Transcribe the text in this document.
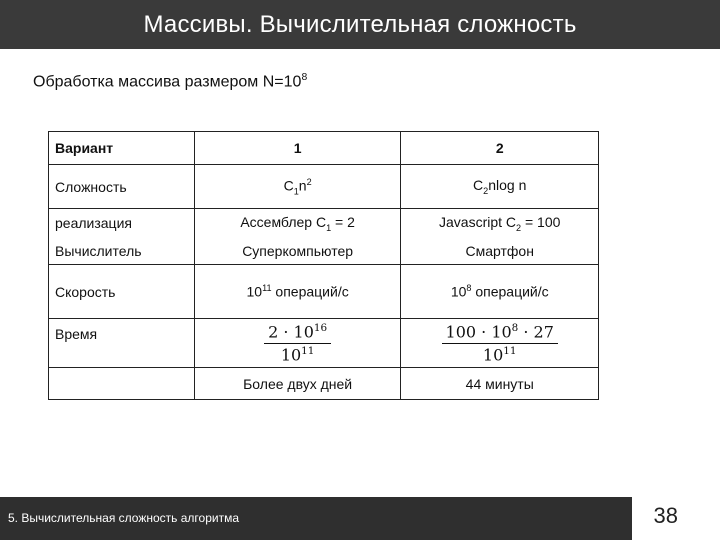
Массивы. Вычислительная сложность
Обработка массива размером $N=10^8$
Вариант	1	2
Сложность	$C_1n^2$	$C_2nlog$ n
реализация	Ассемблер $C_1 = 2$	Javascript $C_2 = 100$
Вычислитель	Суперкомпьютер	Смартфон
Скорость	$10^{11}$ операций/с	$10^8$ операций/с
Время	$\frac{2 \cdot 10^{16}}{10^{11}}$	$\frac{100 \cdot 10^8 \cdot 27}{10^{11}}$

	Более двух дней	44 минуты
5. Вычислительная сложность алгоритма	38
